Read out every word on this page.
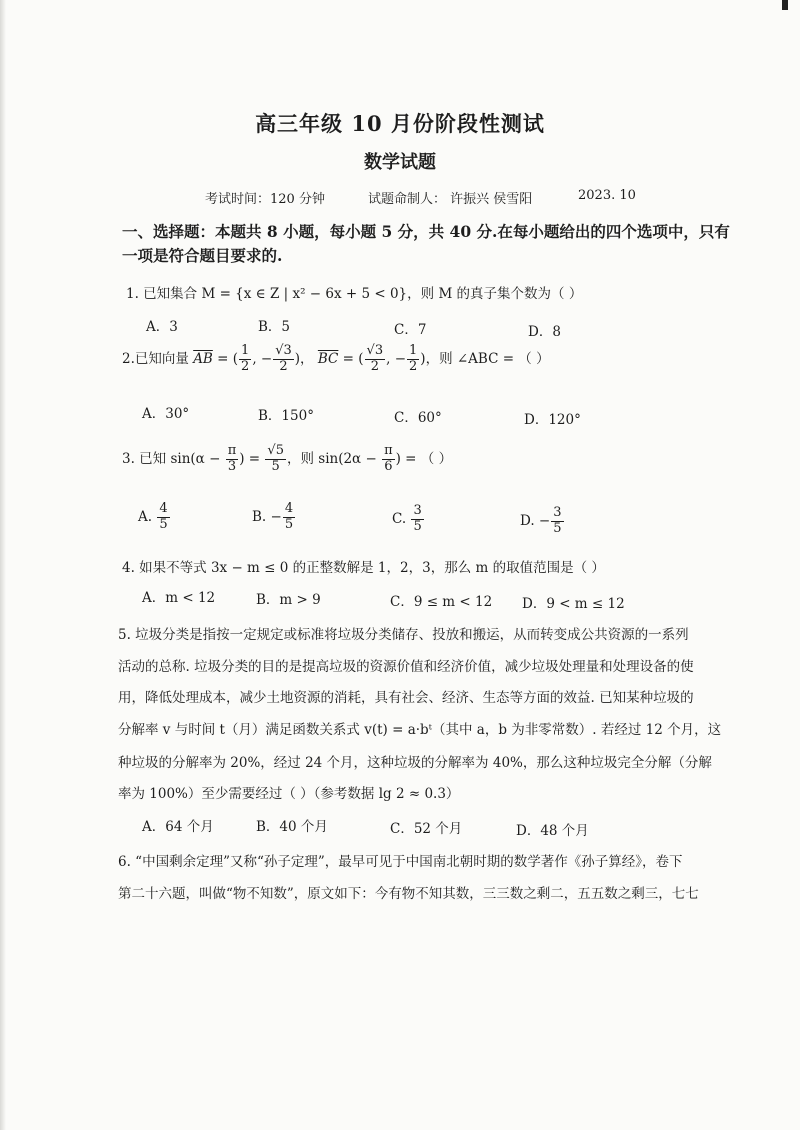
高三年级 10 月份阶段性测试
数学试题
考试时间：120 分钟	试题命制人： 许振兴 侯雪阳	2023. 10
一、选择题：本题共 8 小题，每小题 5 分，共 40 分.在每小题给出的四个选项中，只有
一项是符合题目要求的.
1. 已知集合 M = {x ∈ Z | x² − 6x + 5 < 0}，则 M 的真子集个数为（ ）
A．3	B．5	C．7	D．8
2.已知向量 $\overline{AB}$ = ( $\frac{1}{2}$ , − $\frac{√3}{2}$ )， $\overline{BC}$ = ( $\frac{√3}{2}$ , − $\frac{1}{2}$ )，则 ∠ABC = （ ）
A．30°	B．150°	C．60°	D．120°
3. 已知 $\sin(\alpha - \frac{\pi}{3}$ ) = $\frac{√5}{5}$ ，则 $\sin(2\alpha - \frac{\pi}{6}$ ) = （ ）
A. $\frac{4}{5}$	B. − $\frac{4}{5}$	C. $\frac{3}{5}$	D. − $\frac{3}{5}$
4. 如果不等式 3x − m ≤ 0 的正整数解是 1，2，3，那么 m 的取值范围是（ ）
A．m < 12	B．m > 9	C．9 ≤ m < 12 D．9 < m ≤ 12
5. 垃圾分类是指按一定规定或标准将垃圾分类储存、投放和搬运，从而转变成公共资源的一系列
活动的总称. 垃圾分类的目的是提高垃圾的资源价值和经济价值，减少垃圾处理量和处理设备的使
用，降低处理成本，减少土地资源的消耗，具有社会、经济、生态等方面的效益. 已知某种垃圾的
分解率 v 与时间 t（月）满足函数关系式 v(t) = a·bᵗ（其中 a，b 为非零常数）. 若经过 12 个月，这
种垃圾的分解率为 20%，经过 24 个月，这种垃圾的分解率为 40%，那么这种垃圾完全分解（分解
率为 100%）至少需要经过（ ）（参考数据 lg 2 ≈ 0.3）
A．64 个月	B．40 个月	C．52 个月	D．48 个月
6. “中国剩余定理”又称“孙子定理”，最早可见于中国南北朝时期的数学著作《孙子算经》，卷下
第二十六题，叫做“物不知数”，原文如下：今有物不知其数，三三数之剩二，五五数之剩三，七七
